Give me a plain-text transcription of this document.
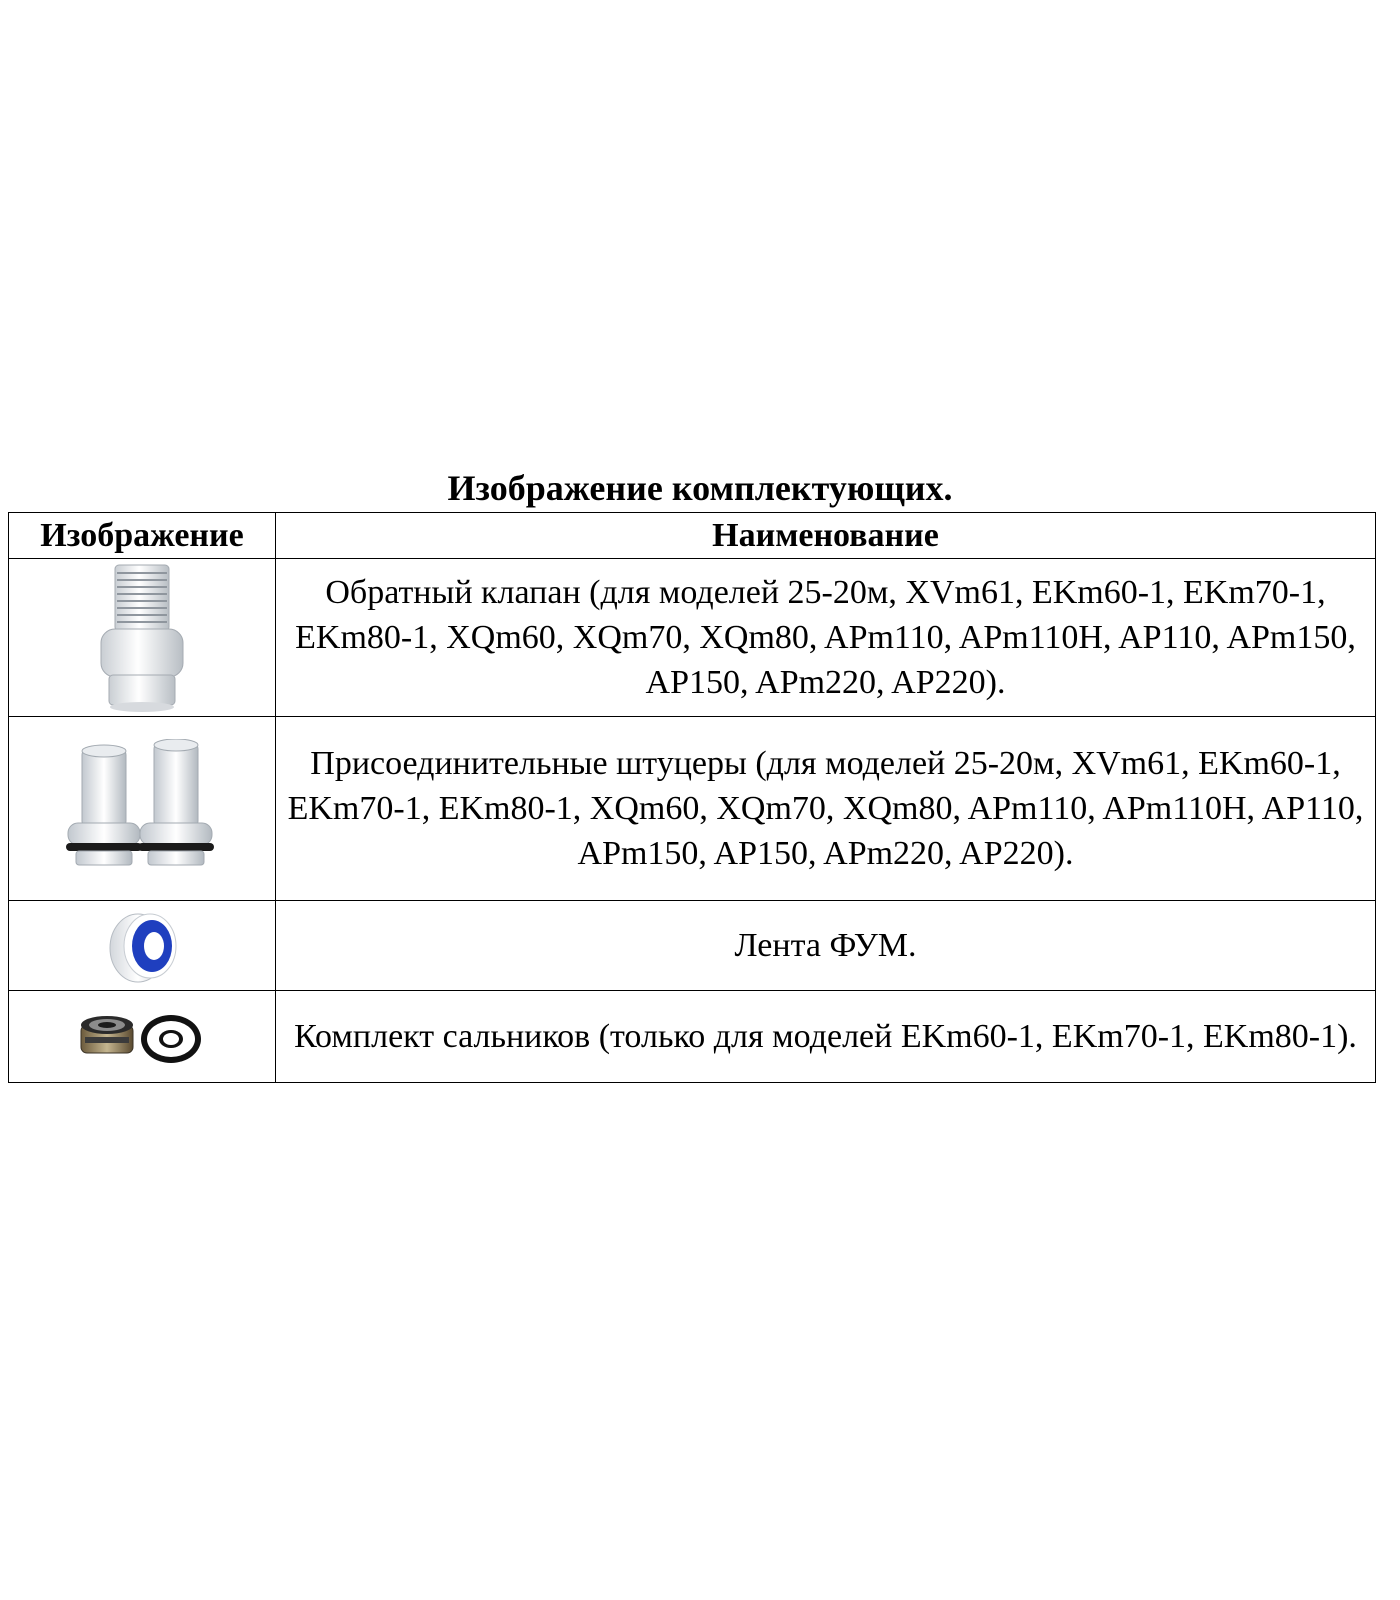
Изображение комплектующих.
Изображение	Наименование
	Обратный клапан (для моделей 25-20м, XVm61, EKm60-1, EKm70-1, EKm80-1, XQm60, XQm70, XQm80, APm110, APm110H, AP110, APm150, AP150, APm220, AP220).
	Присоединительные штуцеры (для моделей 25-20м, XVm61, EKm60-1, EKm70-1, EKm80-1, XQm60, XQm70, XQm80, APm110, APm110H, AP110, APm150, AP150, APm220, AP220).
	Лента ФУМ.
	Комплект сальников (только для моделей EKm60-1, EKm70-1, EKm80-1).
